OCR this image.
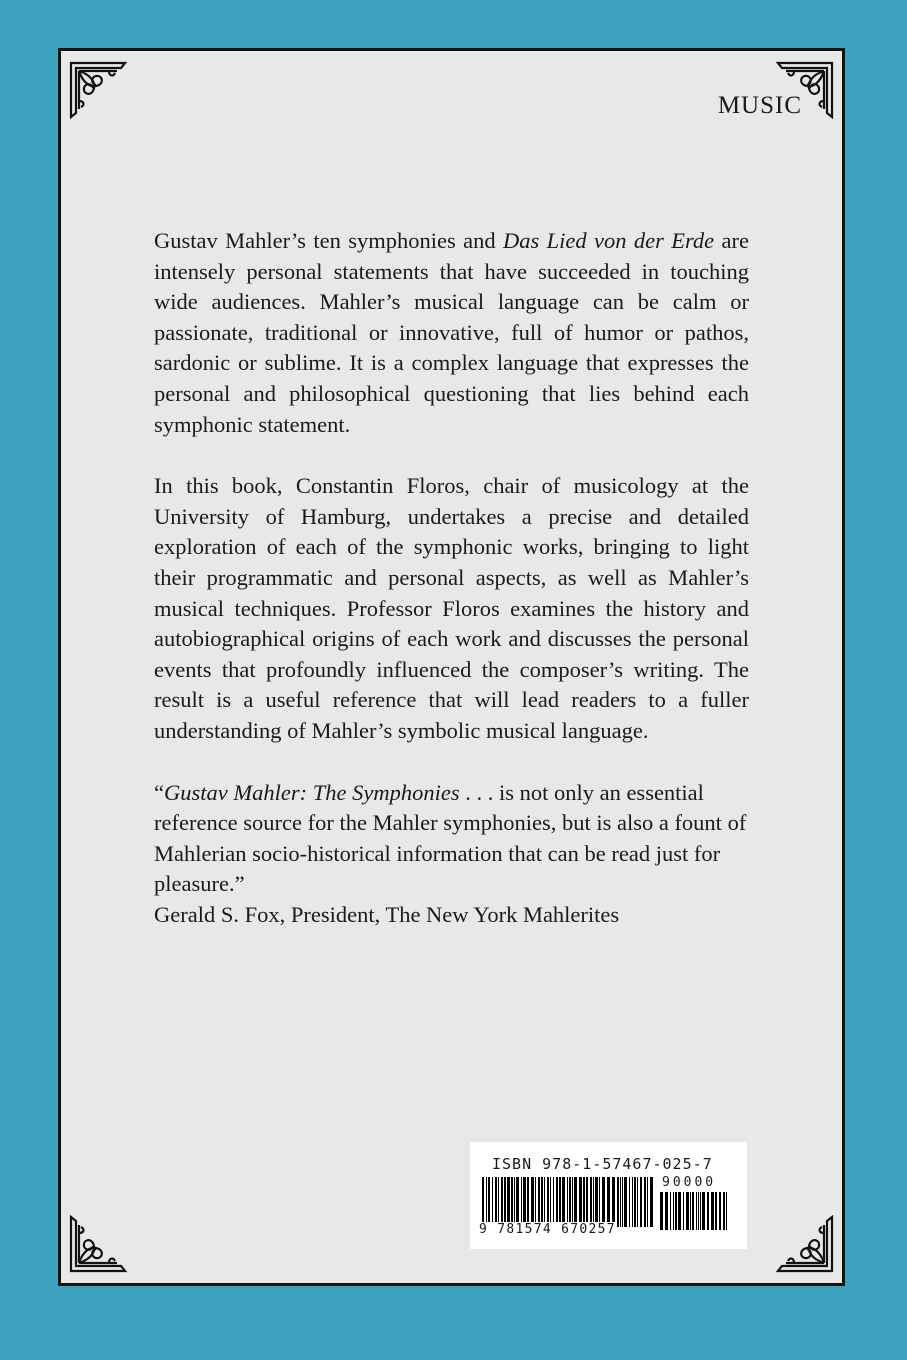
MUSIC

Gustav Mahler’s ten symphonies and Das Lied von der Erde are intensely personal statements that have succeeded in touching wide audiences. Mahler’s musical language can be calm or passionate, traditional or innovative, full of humor or pathos, sardonic or sublime. It is a complex language that expresses the personal and philosophical questioning that lies behind each symphonic statement.

In this book, Constantin Floros, chair of musicology at the University of Hamburg, undertakes a precise and detailed exploration of each of the symphonic works, bringing to light their programmatic and personal aspects, as well as Mahler’s musical techniques. Professor Floros examines the history and autobiographical origins of each work and discusses the personal events that profoundly influenced the composer’s writing. The result is a useful reference that will lead readers to a fuller understanding of Mahler’s symbolic musical language.

“Gustav Mahler: The Symphonies . . . is not only an essential reference source for the Mahler symphonies, but is also a fount of Mahlerian socio-historical information that can be read just for pleasure.”

Gerald S. Fox, President, The New York Mahlerites

ISBN 978-1-57467-025-7

90000

9 781574 670257
